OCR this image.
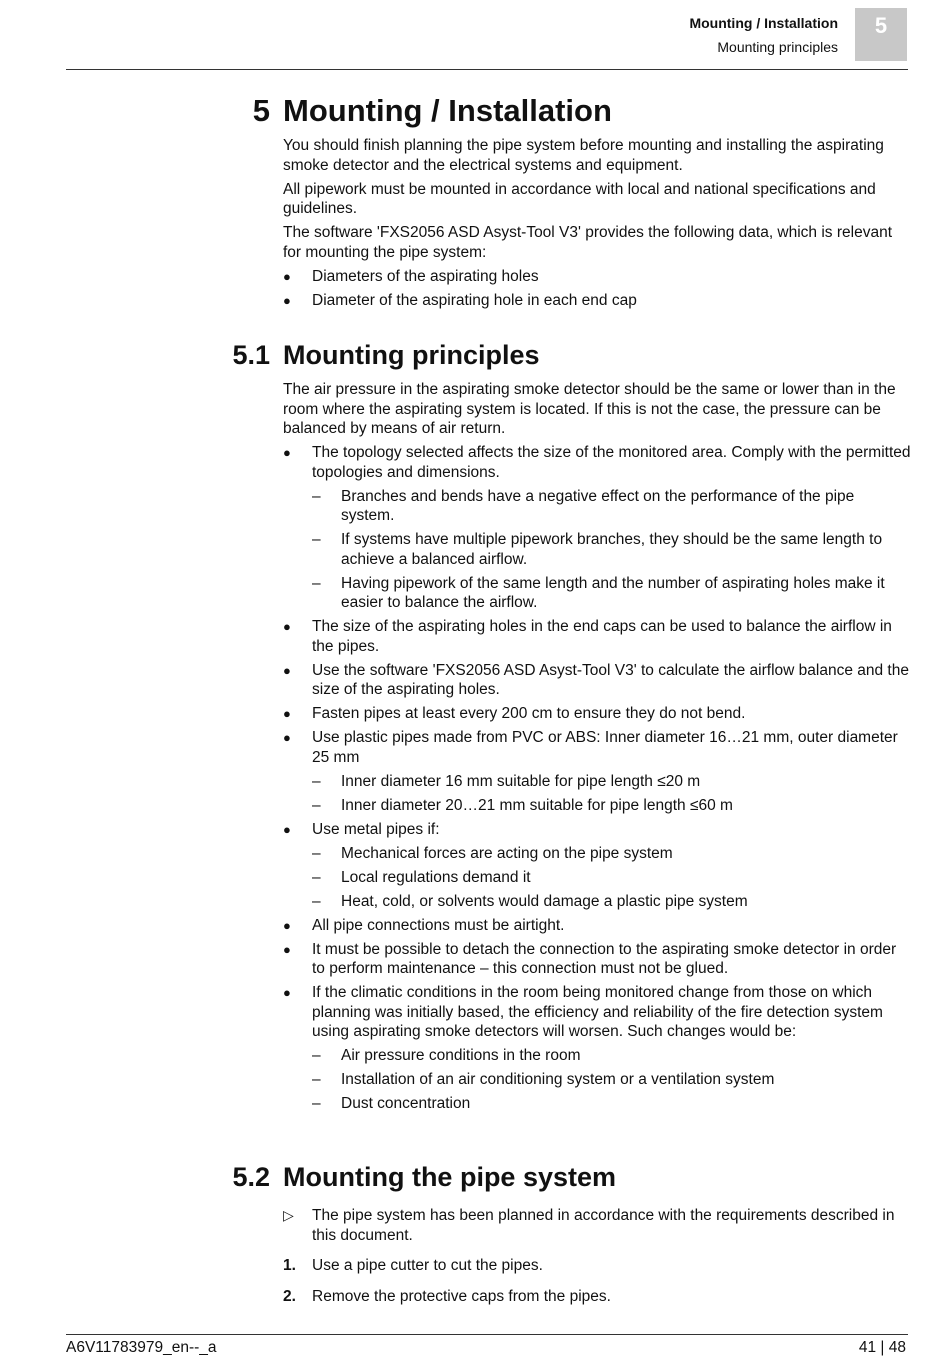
Mounting / Installation
Mounting principles
5
5 Mounting / Installation

You should finish planning the pipe system before mounting and installing the aspirating smoke detector and the electrical systems and equipment.

All pipework must be mounted in accordance with local and national specifications and guidelines.

The software 'FXS2056 ASD Asyst-Tool V3' provides the following data, which is relevant for mounting the pipe system:

●	Diameters of the aspirating holes
●	Diameter of the aspirating hole in each end cap
5.1 Mounting principles

The air pressure in the aspirating smoke detector should be the same or lower than in the room where the aspirating system is located. If this is not the case, the pressure can be balanced by means of air return.

●	The topology selected affects the size of the monitored area. Comply with the permitted topologies and dimensions.
– Branches and bends have a negative effect on the performance of the pipe system.
– If systems have multiple pipework branches, they should be the same length to achieve a balanced airflow.
– Having pipework of the same length and the number of aspirating holes make it easier to balance the airflow.
●	The size of the aspirating holes in the end caps can be used to balance the airflow in the pipes.
●	Use the software 'FXS2056 ASD Asyst-Tool V3' to calculate the airflow balance and the size of the aspirating holes.
●	Fasten pipes at least every 200 cm to ensure they do not bend.
●	Use plastic pipes made from PVC or ABS: Inner diameter 16…21 mm, outer diameter 25 mm
– Inner diameter 16 mm suitable for pipe length ≤20 m
– Inner diameter 20…21 mm suitable for pipe length ≤60 m
●	Use metal pipes if:
– Mechanical forces are acting on the pipe system
– Local regulations demand it
– Heat, cold, or solvents would damage a plastic pipe system
●	All pipe connections must be airtight.
●	It must be possible to detach the connection to the aspirating smoke detector in order to perform maintenance – this connection must not be glued.
●	If the climatic conditions in the room being monitored change from those on which planning was initially based, the efficiency and reliability of the fire detection system using aspirating smoke detectors will worsen. Such changes would be:
– Air pressure conditions in the room
– Installation of an air conditioning system or a ventilation system
– Dust concentration
5.2 Mounting the pipe system
▷ The pipe system has been planned in accordance with the requirements described in this document.
1. Use a pipe cutter to cut the pipes.
2. Remove the protective caps from the pipes.
A6V11783979_en--_a	41 | 48
